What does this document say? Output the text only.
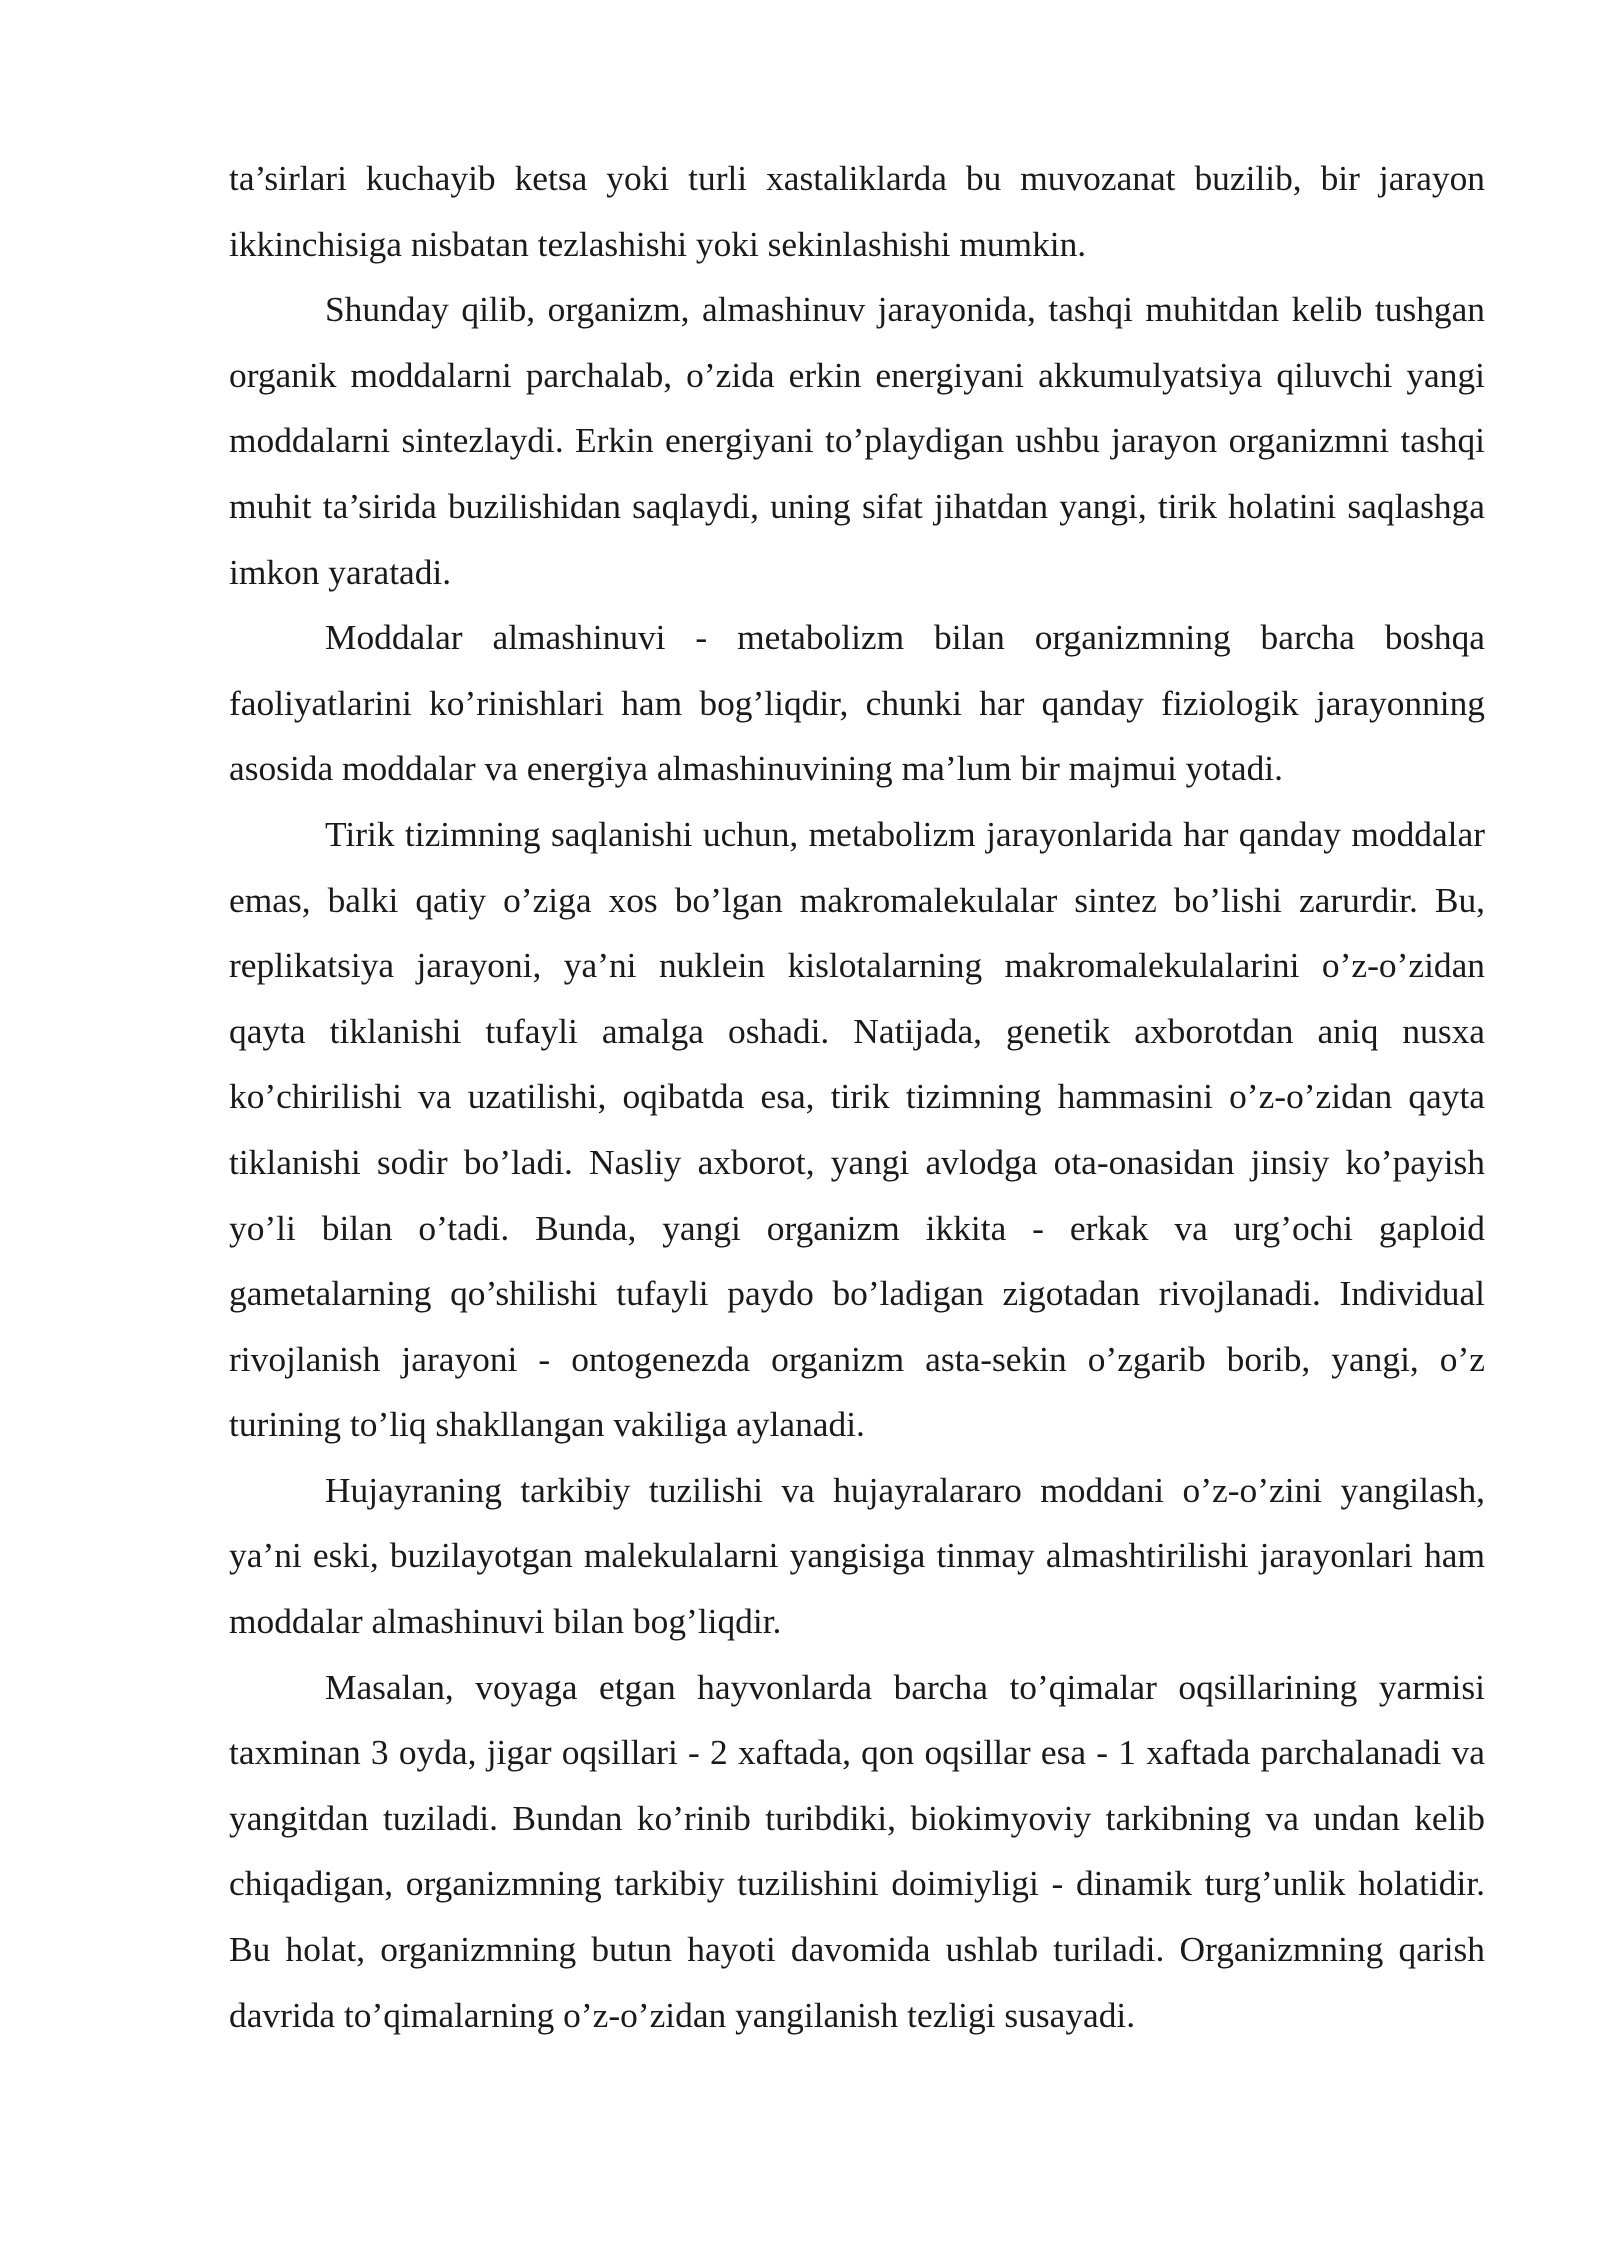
ta’sirlari kuchayib ketsa yoki turli xastaliklarda bu muvozanat buzilib, bir jarayon ikkinchisiga nisbatan tezlashishi yoki sekinlashishi mumkin.

Shunday qilib, organizm, almashinuv jarayonida, tashqi muhitdan kelib tushgan organik moddalarni parchalab, o’zida erkin energiyani akkumulyatsiya qiluvchi yangi moddalarni sintezlaydi. Erkin energiyani to’playdigan ushbu jarayon organizmni tashqi muhit ta’sirida buzilishidan saqlaydi, uning sifat jihatdan yangi, tirik holatini saqlashga imkon yaratadi.

Moddalar almashinuvi - metabolizm bilan organizmning barcha boshqa faoliyatlarini ko’rinishlari ham bog’liqdir, chunki har qanday fiziologik jarayonning asosida moddalar va energiya almashinuvining ma’lum bir majmui yotadi.

Tirik tizimning saqlanishi uchun, metabolizm jarayonlarida har qanday moddalar emas, balki qatiy o’ziga xos bo’lgan makromalekulalar sintez bo’lishi zarurdir. Bu, replikatsiya jarayoni, ya’ni nuklein kislotalarning makromalekulalarini o’z-o’zidan qayta tiklanishi tufayli amalga oshadi. Natijada, genetik axborotdan aniq nusxa ko’chirilishi va uzatilishi, oqibatda esa, tirik tizimning hammasini o’z-o’zidan qayta tiklanishi sodir bo’ladi. Nasliy axborot, yangi avlodga ota-onasidan jinsiy ko’payish yo’li bilan o’tadi. Bunda, yangi organizm ikkita - erkak va urg’ochi gaploid gametalarning qo’shilishi tufayli paydo bo’ladigan zigotadan rivojlanadi. Individual rivojlanish jarayoni - ontogenezda organizm asta-sekin o’zgarib borib, yangi, o’z turining to’liq shakllangan vakiliga aylanadi.

Hujayraning tarkibiy tuzilishi va hujayralararo moddani o’z-o’zini yangilash, ya’ni eski, buzilayotgan malekulalarni yangisiga tinmay almashtirilishi jarayonlari ham moddalar almashinuvi bilan bog’liqdir.

Masalan, voyaga etgan hayvonlarda barcha to’qimalar oqsillarining yarmisi taxminan 3 oyda, jigar oqsillari - 2 xaftada, qon oqsillar esa - 1 xaftada parchalanadi va yangitdan tuziladi. Bundan ko’rinib turibdiki, biokimyoviy tarkibning va undan kelib chiqadigan, organizmning tarkibiy tuzilishini doimiyligi - dinamik turg’unlik holatidir. Bu holat, organizmning butun hayoti davomida ushlab turiladi. Organizmning qarish davrida to’qimalarning o’z-o’zidan yangilanish tezligi susayadi.
